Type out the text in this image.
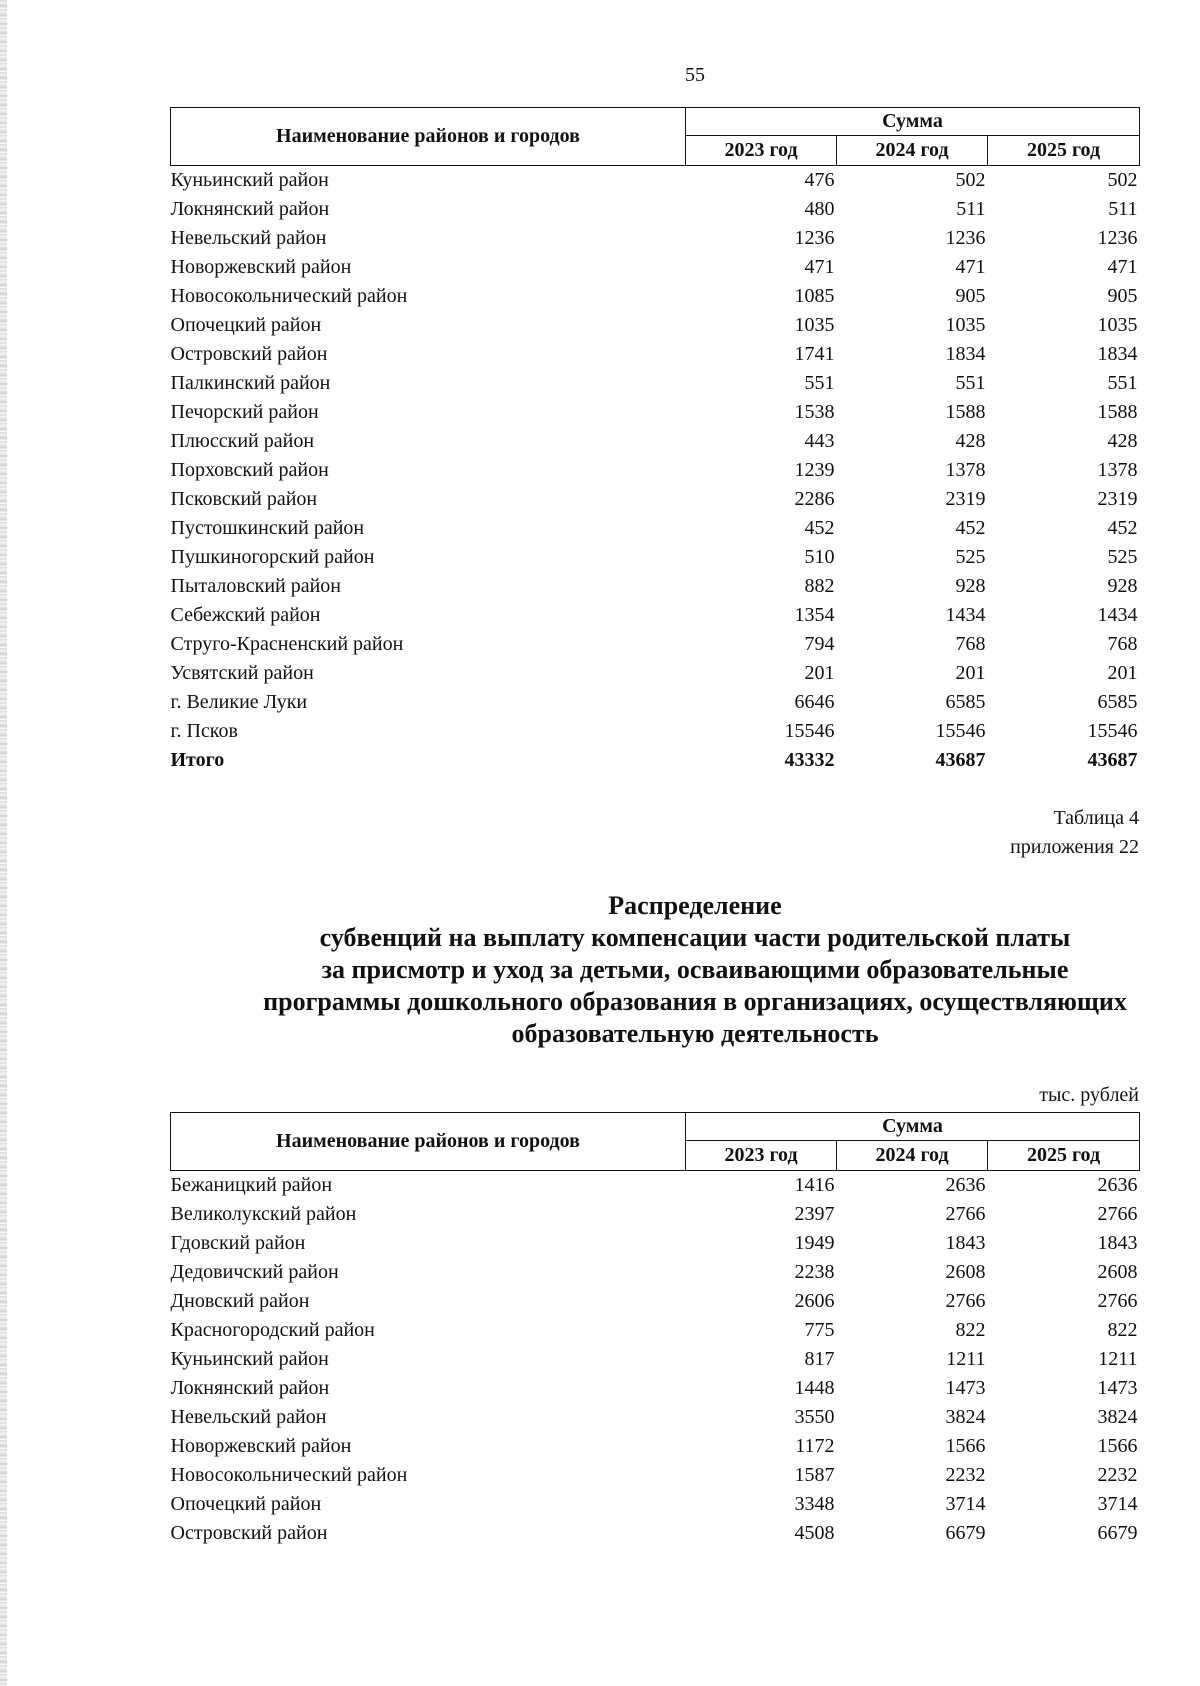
55
Наименование районов и городов	Сумма		
	2023 год	2024 год	2025 год
Куньинский район	476	502	502
Локнянский район	480	511	511
Невельский район	1236	1236	1236
Новоржевский район	471	471	471
Новосокольнический район	1085	905	905
Опочецкий район	1035	1035	1035
Островский район	1741	1834	1834
Палкинский район	551	551	551
Печорский район	1538	1588	1588
Плюсский район	443	428	428
Порховский район	1239	1378	1378
Псковский район	2286	2319	2319
Пустошкинский район	452	452	452
Пушкиногорский район	510	525	525
Пыталовский район	882	928	928
Себежский район	1354	1434	1434
Струго-Красненский район	794	768	768
Усвятский район	201	201	201
г. Великие Луки	6646	6585	6585
г. Псков	15546	15546	15546
Итого	43332	43687	43687
Таблица 4
приложения 22
Распределение
субвенций на выплату компенсации части родительской платы
за присмотр и уход за детьми, осваивающими образовательные
программы дошкольного образования в организациях, осуществляющих
образовательную деятельность
тыс. рублей
Наименование районов и городов	Сумма		
	2023 год	2024 год	2025 год
Бежаницкий район	1416	2636	2636
Великолукский район	2397	2766	2766
Гдовский район	1949	1843	1843
Дедовичский район	2238	2608	2608
Дновский район	2606	2766	2766
Красногородский район	775	822	822
Куньинский район	817	1211	1211
Локнянский район	1448	1473	1473
Невельский район	3550	3824	3824
Новоржевский район	1172	1566	1566
Новосокольнический район	1587	2232	2232
Опочецкий район	3348	3714	3714
Островский район	4508	6679	6679
